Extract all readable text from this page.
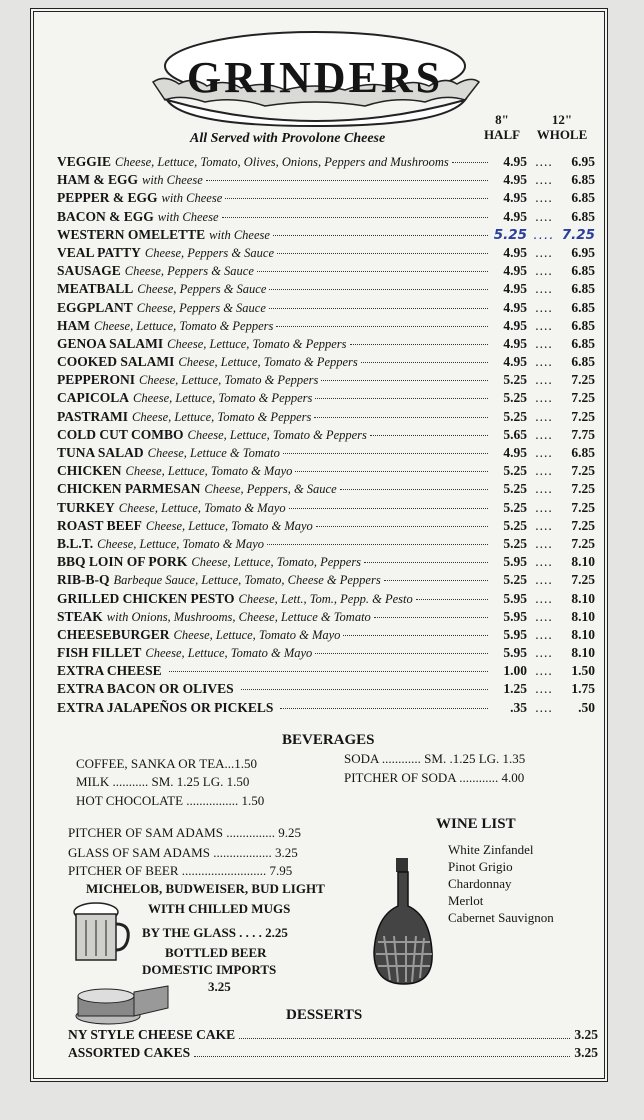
GRINDERS
All Served with Provolone Cheese
8" HALF
12" WHOLE
VEGGIE Cheese, Lettuce, Tomato, Olives, Onions, Peppers and Mushrooms	4.95 ....	6.95
HAM & EGG with Cheese	4.95 ....	6.85
PEPPER & EGG with Cheese	4.95 ....	6.85
BACON & EGG with Cheese	4.95 ....	6.85
WESTERN OMELETTE with Cheese	5.25 .... 7.25
VEAL PATTY Cheese, Peppers & Sauce	4.95 ....	6.95
SAUSAGE Cheese, Peppers & Sauce	4.95 ....	6.85
MEATBALL Cheese, Peppers & Sauce	4.95 ....	6.85
EGGPLANT Cheese, Peppers & Sauce	4.95 ....	6.85
HAM Cheese, Lettuce, Tomato & Peppers	4.95 ....	6.85
GENOA SALAMI Cheese, Lettuce, Tomato & Peppers	4.95 ....	6.85
COOKED SALAMI Cheese, Lettuce, Tomato & Peppers	4.95 ....	6.85
PEPPERONI Cheese, Lettuce, Tomato & Peppers	5.25 ....	7.25
CAPICOLA Cheese, Lettuce, Tomato & Peppers	5.25 ....	7.25
PASTRAMI Cheese, Lettuce, Tomato & Peppers	5.25 ....	7.25
COLD CUT COMBO Cheese, Lettuce, Tomato & Peppers	5.65 ....	7.75
TUNA SALAD Cheese, Lettuce & Tomato	4.95 ....	6.85
CHICKEN Cheese, Lettuce, Tomato & Mayo	5.25 ....	7.25
CHICKEN PARMESAN Cheese, Peppers, & Sauce	5.25 ....	7.25
TURKEY Cheese, Lettuce, Tomato & Mayo	5.25 ....	7.25
ROAST BEEF Cheese, Lettuce, Tomato & Mayo	5.25 ....	7.25
B.L.T. Cheese, Lettuce, Tomato & Mayo	5.25 ....	7.25
BBQ LOIN OF PORK Cheese, Lettuce, Tomato, Peppers	5.95 ....	8.10
RIB-B-Q Barbeque Sauce, Lettuce, Tomato, Cheese & Peppers	5.25 ....	7.25
GRILLED CHICKEN PESTO Cheese, Lett., Tom., Pepp. & Pesto	5.95 ....	8.10
STEAK with Onions, Mushrooms, Cheese, Lettuce & Tomato	5.95 ....	8.10
CHEESEBURGER Cheese, Lettuce, Tomato & Mayo	5.95 ....	8.10
FISH FILLET Cheese, Lettuce, Tomato & Mayo	5.95 ....	8.10
EXTRA CHEESE	1.00 ....	1.50
EXTRA BACON OR OLIVES	1.25 ....	1.75
EXTRA JALAPEÑOS OR PICKELS	.35 ....	.50
BEVERAGES
COFFEE, SANKA OR TEA...1.50
MILK ........... SM. 1.25 LG. 1.50
HOT CHOCOLATE ................ 1.50
SODA ............ SM. .1.25 LG. 1.35
PITCHER OF SODA ............ 4.00
PITCHER OF SAM ADAMS ............... 9.25
GLASS OF SAM ADAMS .................. 3.25
PITCHER OF BEER .......................... 7.95
MICHELOB, BUDWEISER, BUD LIGHT
WITH CHILLED MUGS
BY THE GLASS . . . . 2.25
BOTTLED BEER
DOMESTIC IMPORTS
3.25
WINE LIST
White Zinfandel
Pinot Grigio
Chardonnay
Merlot
Cabernet Sauvignon
DESSERTS
NY STYLE CHEESE CAKE	3.25
ASSORTED CAKES	3.25
